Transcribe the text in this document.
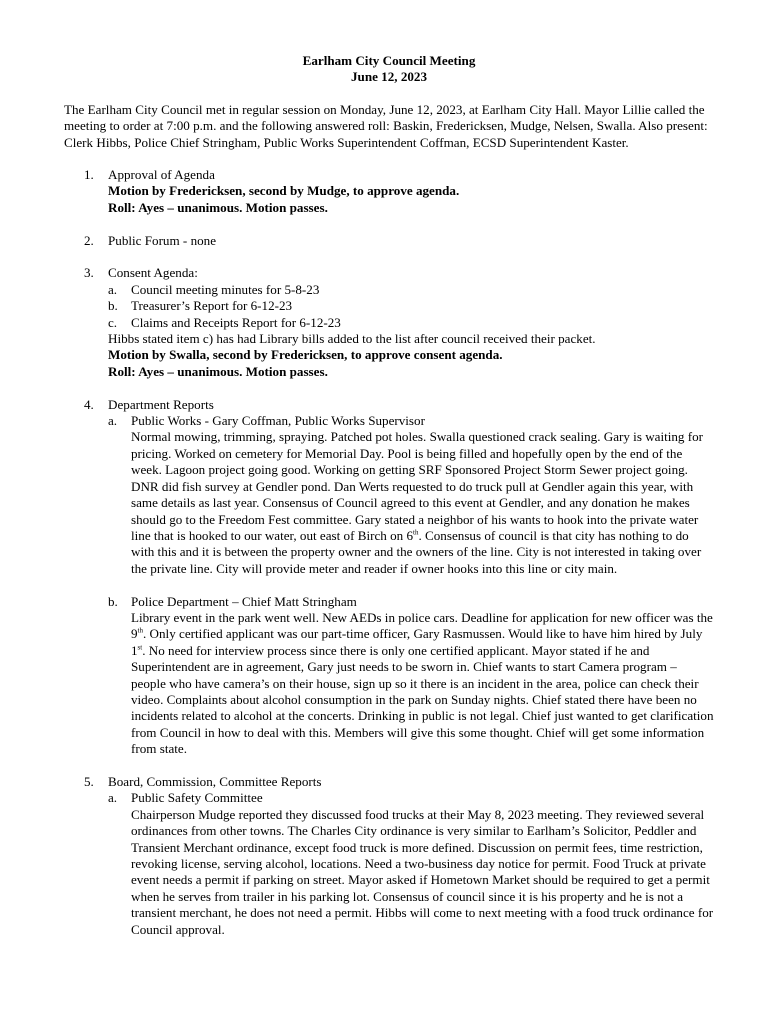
Earlham City Council Meeting
June 12, 2023

The Earlham City Council met in regular session on Monday, June 12, 2023, at Earlham City Hall. Mayor Lillie called the meeting to order at 7:00 p.m. and the following answered roll: Baskin, Fredericksen, Mudge, Nelsen, Swalla. Also present: Clerk Hibbs, Police Chief Stringham, Public Works Superintendent Coffman, ECSD Superintendent Kaster.

1. Approval of Agenda
Motion by Fredericksen, second by Mudge, to approve agenda.
Roll: Ayes – unanimous. Motion passes.
2. Public Forum - none
3. Consent Agenda:
a. Council meeting minutes for 5-8-23
b. Treasurer’s Report for 6-12-23
c. Claims and Receipts Report for 6-12-23
Hibbs stated item c) has had Library bills added to the list after council received their packet.
Motion by Swalla, second by Fredericksen, to approve consent agenda.
Roll: Ayes – unanimous. Motion passes.
4. Department Reports
a. Public Works - Gary Coffman, Public Works Supervisor

Normal mowing, trimming, spraying. Patched pot holes. Swalla questioned crack sealing. Gary is waiting for pricing. Worked on cemetery for Memorial Day. Pool is being filled and hopefully open by the end of the week. Lagoon project going good. Working on getting SRF Sponsored Project Storm Sewer project going. DNR did fish survey at Gendler pond. Dan Werts requested to do truck pull at Gendler again this year, with same details as last year. Consensus of Council agreed to this event at Gendler, and any donation he makes should go to the Freedom Fest committee. Gary stated a neighbor of his wants to hook into the private water line that is hooked to our water, out east of Birch on 6th. Consensus of council is that city has nothing to do with this and it is between the property owner and the owners of the line. City is not interested in taking over the private line. City will provide meter and reader if owner hooks into this line or city main.

b. Police Department – Chief Matt Stringham

Library event in the park went well. New AEDs in police cars. Deadline for application for new officer was the 9th. Only certified applicant was our part-time officer, Gary Rasmussen. Would like to have him hired by July 1st. No need for interview process since there is only one certified applicant. Mayor stated if he and Superintendent are in agreement, Gary just needs to be sworn in. Chief wants to start Camera program – people who have camera’s on their house, sign up so it there is an incident in the area, police can check their video. Complaints about alcohol consumption in the park on Sunday nights. Chief stated there have been no incidents related to alcohol at the concerts. Drinking in public is not legal. Chief just wanted to get clarification from Council in how to deal with this. Members will give this some thought. Chief will get some information from state.

5. Board, Commission, Committee Reports
a. Public Safety Committee

Chairperson Mudge reported they discussed food trucks at their May 8, 2023 meeting. They reviewed several ordinances from other towns. The Charles City ordinance is very similar to Earlham’s Solicitor, Peddler and Transient Merchant ordinance, except food truck is more defined. Discussion on permit fees, time restriction, revoking license, serving alcohol, locations. Need a two-business day notice for permit. Food Truck at private event needs a permit if parking on street. Mayor asked if Hometown Market should be required to get a permit when he serves from trailer in his parking lot. Consensus of council since it is his property and he is not a transient merchant, he does not need a permit. Hibbs will come to next meeting with a food truck ordinance for Council approval.
